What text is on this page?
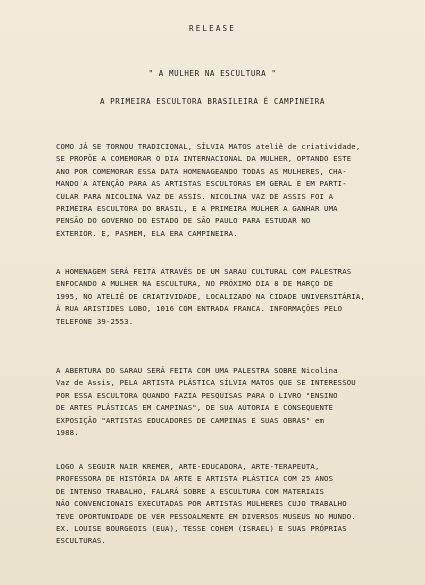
RELEASE
" A MULHER NA ESCULTURA "
A PRIMEIRA ESCULTORA BRASILEIRA É CAMPINEIRA
COMO JÁ SE TORNOU TRADICIONAL, SÍLVIA MATOS ateliê de criatividade,
SE PROPÕE A COMEMORAR O DIA INTERNACIONAL DA MULHER, OPTANDO ESTE
ANO POR COMEMORAR ESSA DATA HOMENAGEANDO TODAS AS MULHERES, CHA-
MANDO A ATENÇÃO PARA AS ARTISTAS ESCULTORAS EM GERAL E EM PARTI-
CULAR PARA NICOLINA VAZ DE ASSIS. NICOLINA VAZ DE ASSIS FOI A
PRIMEIRA ESCULTORA DO BRASIL, E A PRIMEIRA MULHER A GANHAR UMA
PENSÃO DO GOVERNO DO ESTADO DE SÃO PAULO PARA ESTUDAR NO
EXTERIOR. E, PASMEM, ELA ERA CAMPINEIRA.
A HOMENAGEM SERÁ FEITA ATRAVÉS DE UM SARAU CULTURAL COM PALESTRAS
ENFOCANDO A MULHER NA ESCULTURA, NO PRÓXIMO DIA 8 DE MARÇO DE
1995, NO ATELIÊ DE CRIATIVIDADE, LOCALIZADO NA CIDADE UNIVERSITÁRIA,
À RUA ARISTIDES LOBO, 1016 COM ENTRADA FRANCA. INFORMAÇÕES PELO
TELEFONE 39-2553.
A ABERTURA DO SARAU SERÁ FEITA COM UMA PALESTRA SOBRE Nicolina
Vaz de Assis, PELA ARTISTA PLÁSTICA SÍLVIA MATOS QUE SE INTERESSOU
POR ESSA ESCULTORA QUANDO FAZIA PESQUISAS PARA O LIVRO "ENSINO
DE ARTES PLÁSTICAS EM CAMPINAS", DE SUA AUTORIA E CONSEQUENTE
EXPOSIÇÃO "ARTISTAS EDUCADORES DE CAMPINAS E SUAS OBRAS" em
1988.
LOGO A SEGUIR NAIR KREMER, ARTE-EDUCADORA, ARTE-TERAPEUTA,
PROFESSORA DE HISTÓRIA DA ARTE E ARTISTA PLÁSTICA COM 25 ANOS
DE INTENSO TRABALHO, FALARÁ SOBRE A ESCULTURA COM MATERIAIS
NÃO CONVENCIONAIS EXECUTADAS POR ARTISTAS MULHERES CUJO TRABALHO
TEVE OPORTUNIDADE DE VER PESSOALMENTE EM DIVERSOS MUSEUS NO MUNDO.
EX. LOUISE BOURGEOIS (EUA), TESSE COHEM (ISRAEL) E SUAS PRÓPRIAS
ESCULTURAS.
